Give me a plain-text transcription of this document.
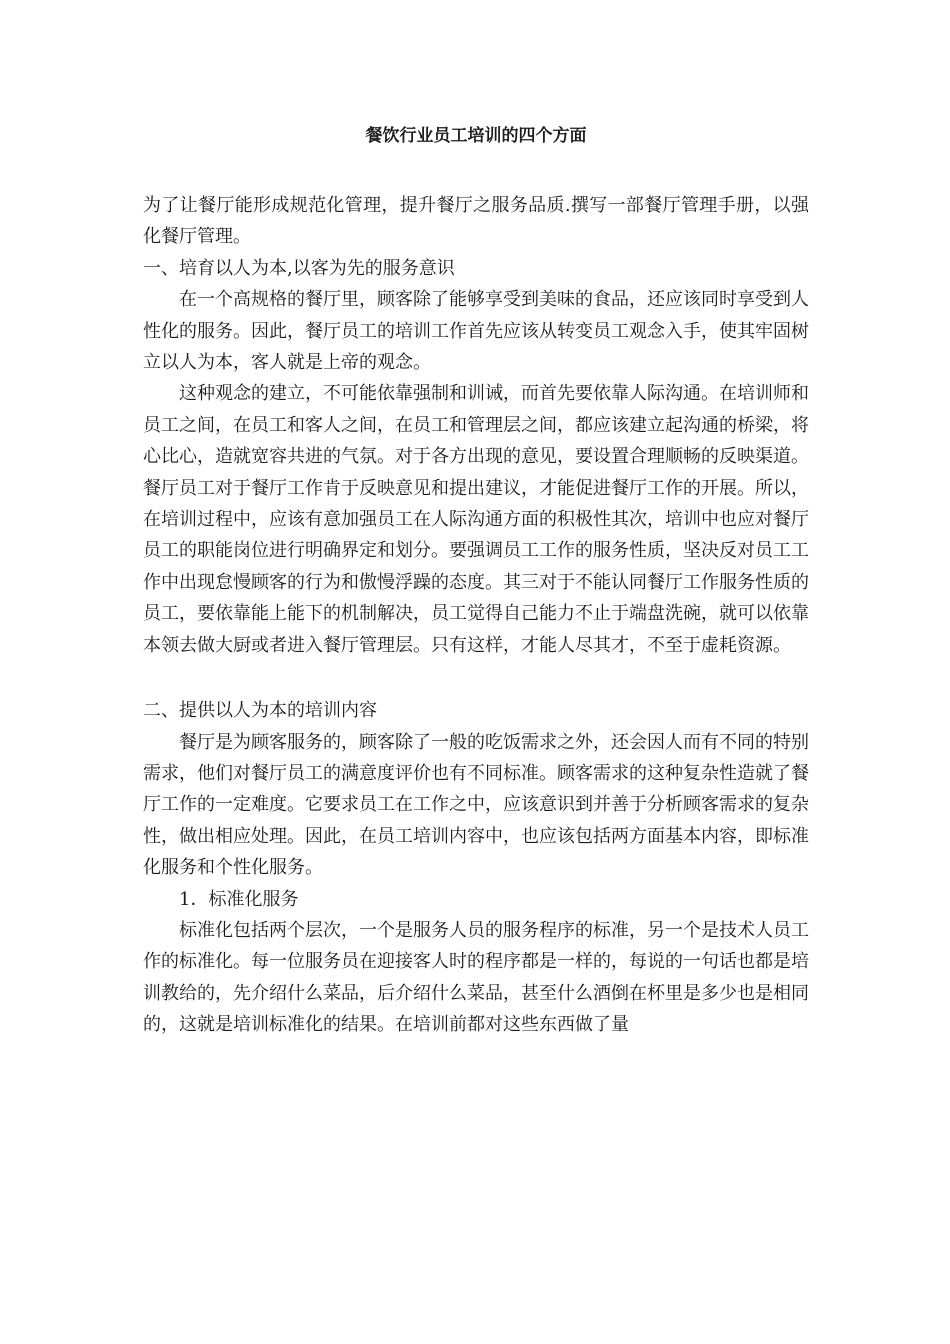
餐饮行业员工培训的四个方面

为了让餐厅能形成规范化管理，提升餐厅之服务品质.撰写一部餐厅管理手册，以强化餐厅管理。

一、培育以人为本,以客为先的服务意识

在一个高规格的餐厅里，顾客除了能够享受到美味的食品，还应该同时享受到人性化的服务。因此，餐厅员工的培训工作首先应该从转变员工观念入手，使其牢固树立以人为本，客人就是上帝的观念。

这种观念的建立，不可能依靠强制和训诫，而首先要依靠人际沟通。在培训师和员工之间，在员工和客人之间，在员工和管理层之间，都应该建立起沟通的桥梁，将心比心，造就宽容共进的气氛。对于各方出现的意见，要设置合理顺畅的反映渠道。餐厅员工对于餐厅工作肯于反映意见和提出建议，才能促进餐厅工作的开展。所以，在培训过程中，应该有意加强员工在人际沟通方面的积极性其次，培训中也应对餐厅员工的职能岗位进行明确界定和划分。要强调员工工作的服务性质，坚决反对员工工作中出现怠慢顾客的行为和傲慢浮躁的态度。其三对于不能认同餐厅工作服务性质的员工，要依靠能上能下的机制解决，员工觉得自己能力不止于端盘洗碗，就可以依靠本领去做大厨或者进入餐厅管理层。只有这样，才能人尽其才，不至于虚耗资源。

二、提供以人为本的培训内容

餐厅是为顾客服务的，顾客除了一般的吃饭需求之外，还会因人而有不同的特别需求，他们对餐厅员工的满意度评价也有不同标准。顾客需求的这种复杂性造就了餐厅工作的一定难度。它要求员工在工作之中，应该意识到并善于分析顾客需求的复杂性，做出相应处理。因此，在员工培训内容中，也应该包括两方面基本内容，即标准化服务和个性化服务。

1．标准化服务

标准化包括两个层次，一个是服务人员的服务程序的标准，另一个是技术人员工作的标准化。每一位服务员在迎接客人时的程序都是一样的，每说的一句话也都是培训教给的，先介绍什么菜品，后介绍什么菜品，甚至什么酒倒在杯里是多少也是相同的，这就是培训标准化的结果。在培训前都对这些东西做了量
